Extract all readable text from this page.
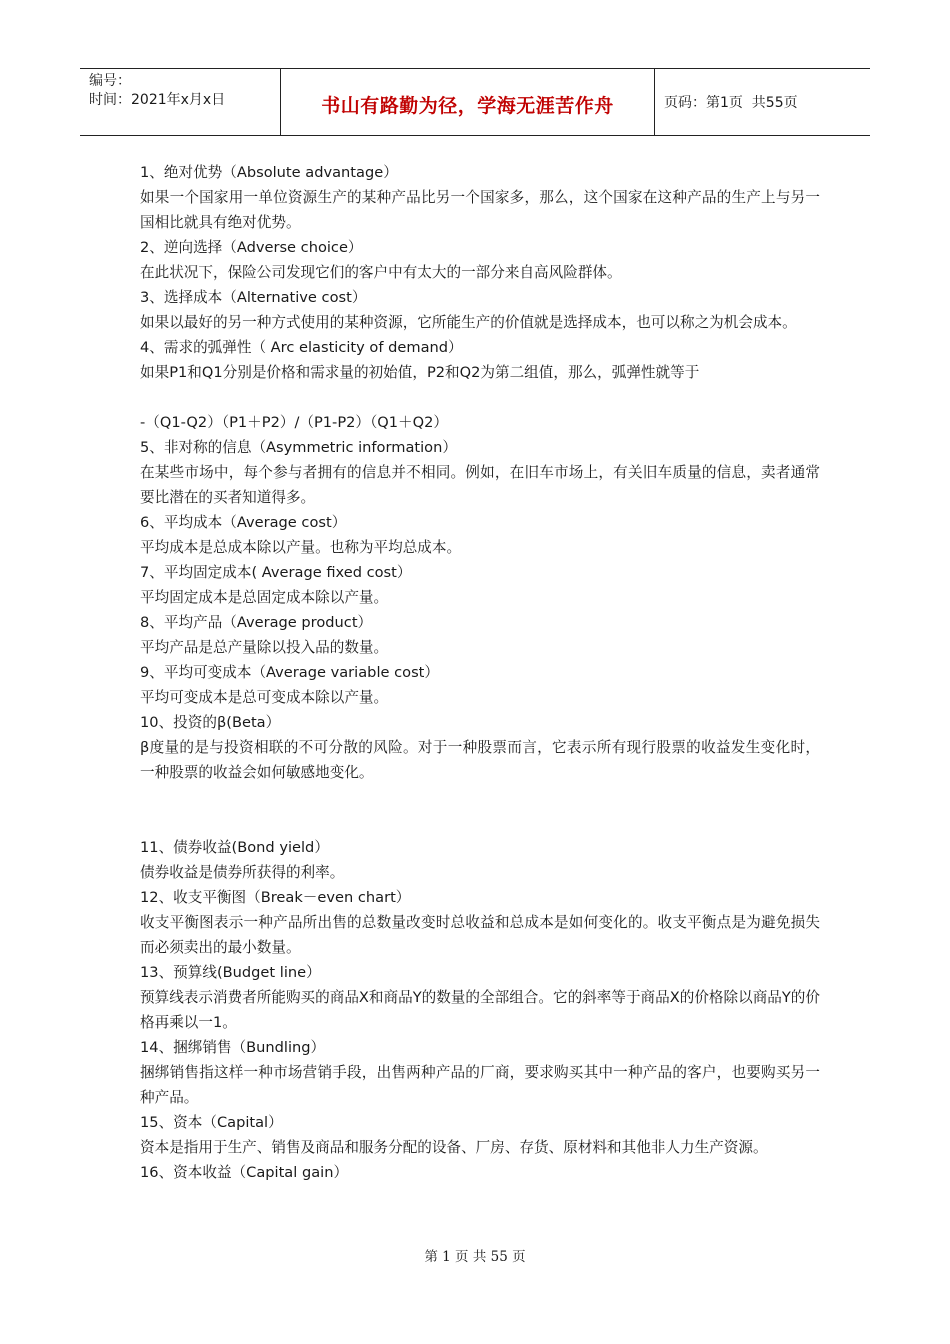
编号：
时间：2021年x月x日	书山有路勤为径，学海无涯苦作舟	页码：第1页  共55页
1、绝对优势（Absolute advantage）
如果一个国家用一单位资源生产的某种产品比另一个国家多，那么，这个国家在这种产品的生产上与另一国相比就具有绝对优势。
2、逆向选择（Adverse choice）
在此状况下，保险公司发现它们的客户中有太大的一部分来自高风险群体。
3、选择成本（Alternative cost）
如果以最好的另一种方式使用的某种资源，它所能生产的价值就是选择成本，也可以称之为机会成本。
4、需求的弧弹性（ Arc elasticity of demand）
如果P1和Q1分别是价格和需求量的初始值，P2和Q2为第二组值，那么，弧弹性就等于
-（Q1-Q2）（P1＋P2）/（P1-P2）（Q1＋Q2）
5、非对称的信息（Asymmetric information）
在某些市场中，每个参与者拥有的信息并不相同。例如，在旧车市场上，有关旧车质量的信息，卖者通常要比潜在的买者知道得多。
6、平均成本（Average cost）
平均成本是总成本除以产量。也称为平均总成本。
7、平均固定成本( Average fixed cost）
平均固定成本是总固定成本除以产量。
8、平均产品（Average product）
平均产品是总产量除以投入品的数量。
9、平均可变成本（Average variable cost）
平均可变成本是总可变成本除以产量。
10、投资的β(Beta）
β度量的是与投资相联的不可分散的风险。对于一种股票而言，它表示所有现行股票的收益发生变化时，一种股票的收益会如何敏感地变化。
11、债券收益(Bond yield）
债券收益是债券所获得的利率。
12、收支平衡图（Break－even chart）
收支平衡图表示一种产品所出售的总数量改变时总收益和总成本是如何变化的。收支平衡点是为避免损失而必须卖出的最小数量。
13、预算线(Budget line）
预算线表示消费者所能购买的商品X和商品Y的数量的全部组合。它的斜率等于商品X的价格除以商品Y的价格再乘以一1。
14、捆绑销售（Bundling）
捆绑销售指这样一种市场营销手段，出售两种产品的厂商，要求购买其中一种产品的客户，也要购买另一种产品。
15、资本（Capital）
资本是指用于生产、销售及商品和服务分配的设备、厂房、存货、原材料和其他非人力生产资源。
16、资本收益（Capital gain）
第 1 页 共 55 页
